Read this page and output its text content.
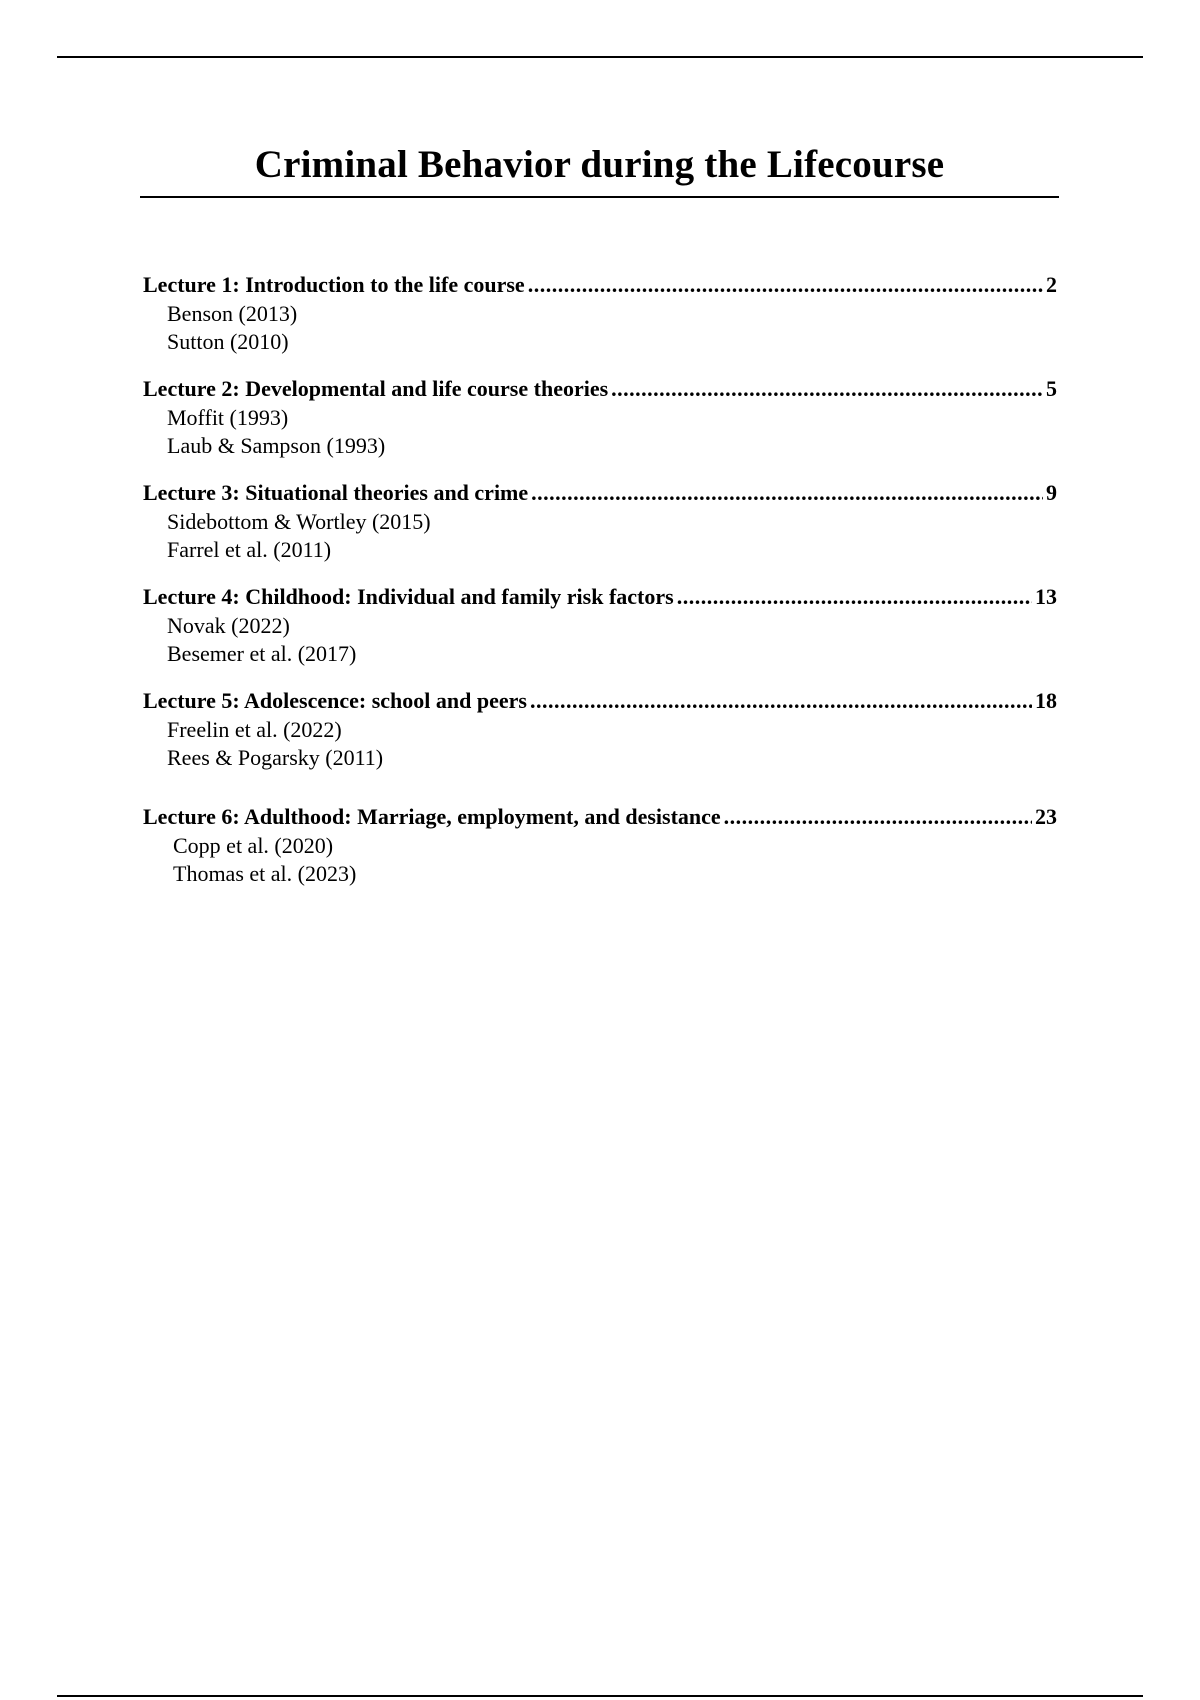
Criminal Behavior during the Lifecourse
Lecture 1: Introduction to the life course .....	2
Benson (2013)
Sutton (2010)
Lecture 2: Developmental and life course theories .....	5
Moffit (1993)
Laub & Sampson (1993)
Lecture 3: Situational theories and crime .....	9
Sidebottom & Wortley (2015)
Farrel et al. (2011)
Lecture 4: Childhood: Individual and family risk factors .....	13
Novak (2022)
Besemer et al. (2017)
Lecture 5: Adolescence: school and peers .....	18
Freelin et al. (2022)
Rees & Pogarsky (2011)
Lecture 6: Adulthood: Marriage, employment, and desistance .....	23
Copp et al. (2020)
Thomas et al. (2023)
